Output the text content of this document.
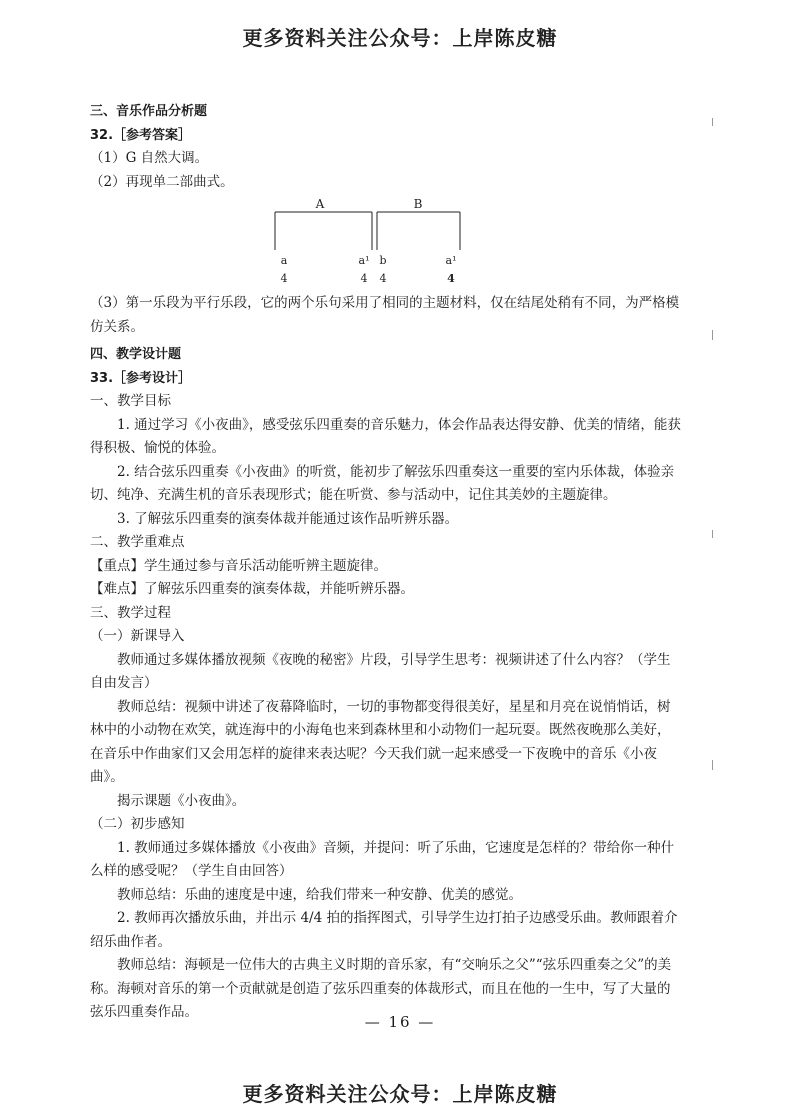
更多资料关注公众号：上岸陈皮糖

三、音乐作品分析题

32.［参考答案］

（1）G 自然大调。

（2）再现单二部曲式。

A	B
a	a¹ b	a¹
4	4 4	4

（3）第一乐段为平行乐段，它的两个乐句采用了相同的主题材料，仅在结尾处稍有不同，为严格模仿关系。

四、教学设计题

33.［参考设计］

一、教学目标

1. 通过学习《小夜曲》，感受弦乐四重奏的音乐魅力，体会作品表达得安静、优美的情绪，能获得积极、愉悦的体验。

2. 结合弦乐四重奏《小夜曲》的听赏，能初步了解弦乐四重奏这一重要的室内乐体裁，体验亲切、纯净、充满生机的音乐表现形式；能在听赏、参与活动中，记住其美妙的主题旋律。

3. 了解弦乐四重奏的演奏体裁并能通过该作品听辨乐器。

二、教学重难点

【重点】学生通过参与音乐活动能听辨主题旋律。

【难点】了解弦乐四重奏的演奏体裁，并能听辨乐器。

三、教学过程

（一）新课导入

教师通过多媒体播放视频《夜晚的秘密》片段，引导学生思考：视频讲述了什么内容？（学生自由发言）

教师总结：视频中讲述了夜幕降临时，一切的事物都变得很美好，星星和月亮在说悄悄话，树林中的小动物在欢笑，就连海中的小海龟也来到森林里和小动物们一起玩耍。既然夜晚那么美好，在音乐中作曲家们又会用怎样的旋律来表达呢？今天我们就一起来感受一下夜晚中的音乐《小夜曲》。

揭示课题《小夜曲》。

（二）初步感知

1. 教师通过多媒体播放《小夜曲》音频，并提问：听了乐曲，它速度是怎样的？带给你一种什么样的感受呢？（学生自由回答）

教师总结：乐曲的速度是中速，给我们带来一种安静、优美的感觉。

2. 教师再次播放乐曲，并出示 4/4 拍的指挥图式，引导学生边打拍子边感受乐曲。教师跟着介绍乐曲作者。

教师总结：海顿是一位伟大的古典主义时期的音乐家，有“交响乐之父”“弦乐四重奏之父”的美称。海顿对音乐的第一个贡献就是创造了弦乐四重奏的体裁形式，而且在他的一生中，写了大量的弦乐四重奏作品。

— 16 —
更多资料关注公众号：上岸陈皮糖
